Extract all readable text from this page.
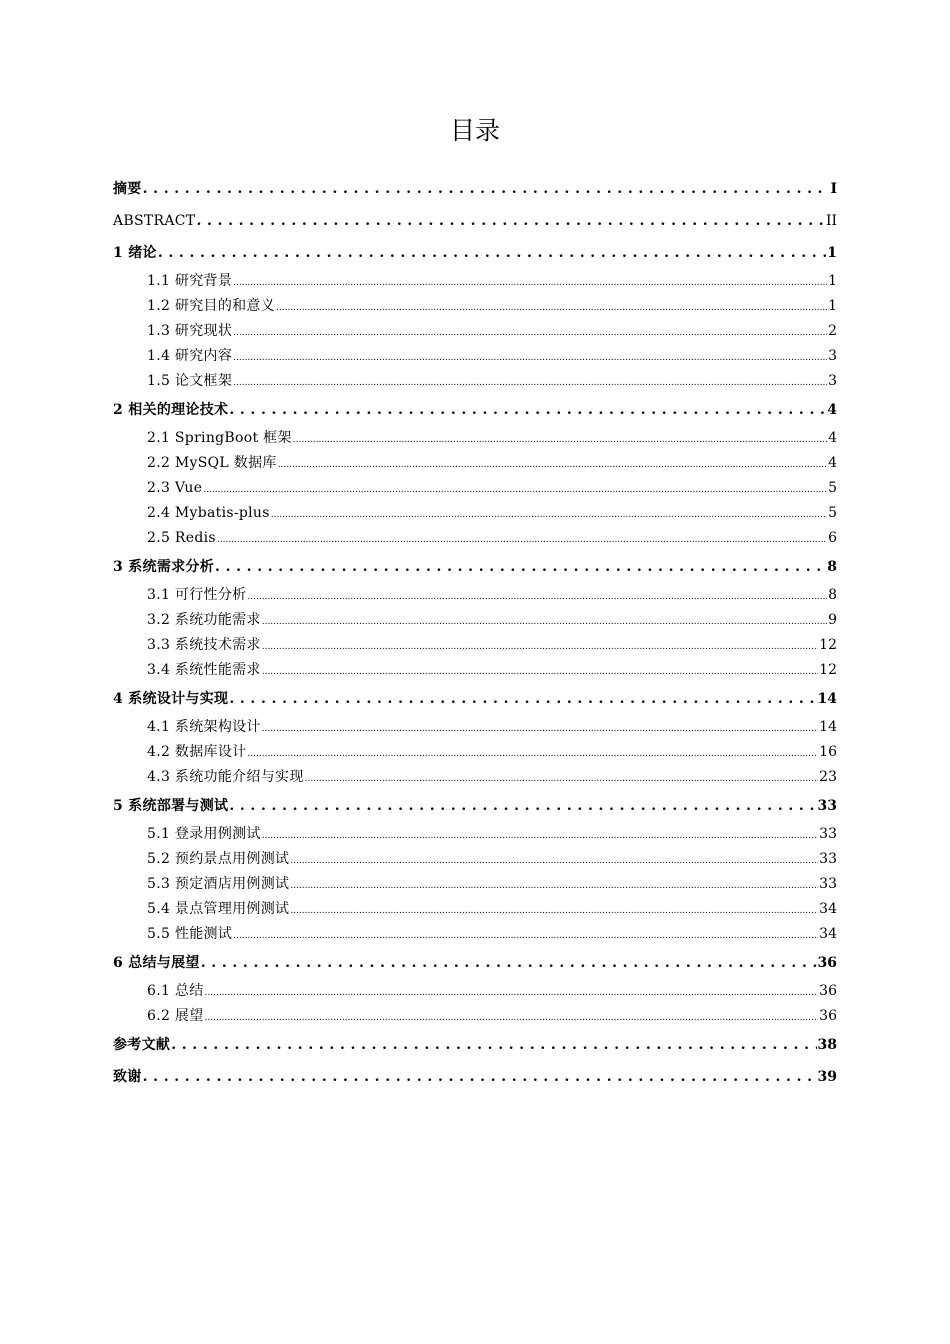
目录
摘要 . . .	I
ABSTRACT . . .	II
1 绪论 . . .	1
1.1 研究背景 .....	1
1.2 研究目的和意义 .....	1
1.3 研究现状 .....	2
1.4 研究内容 .....	3
1.5 论文框架 .....	3
2 相关的理论技术 . . .	4
2.1 SpringBoot 框架 .....	4
2.2 MySQL 数据库 .....	4
2.3 Vue .....	5
2.4 Mybatis-plus .....	5
2.5 Redis .....	6
3 系统需求分析 . . .	8
3.1 可行性分析 .....	8
3.2 系统功能需求 .....	9
3.3 系统技术需求 .....	12
3.4 系统性能需求 .....	12
4 系统设计与实现 . . .	14
4.1 系统架构设计 .....	14
4.2 数据库设计 .....	16
4.3 系统功能介绍与实现 .....	23
5 系统部署与测试 . . .	33
5.1 登录用例测试 .....	33
5.2 预约景点用例测试 .....	33
5.3 预定酒店用例测试 .....	33
5.4 景点管理用例测试 .....	34
5.5 性能测试 .....	34
6 总结与展望 . . .	36
6.1 总结 .....	36
6.2 展望 .....	36
参考文献 . . .	38
致谢 . . .	39
